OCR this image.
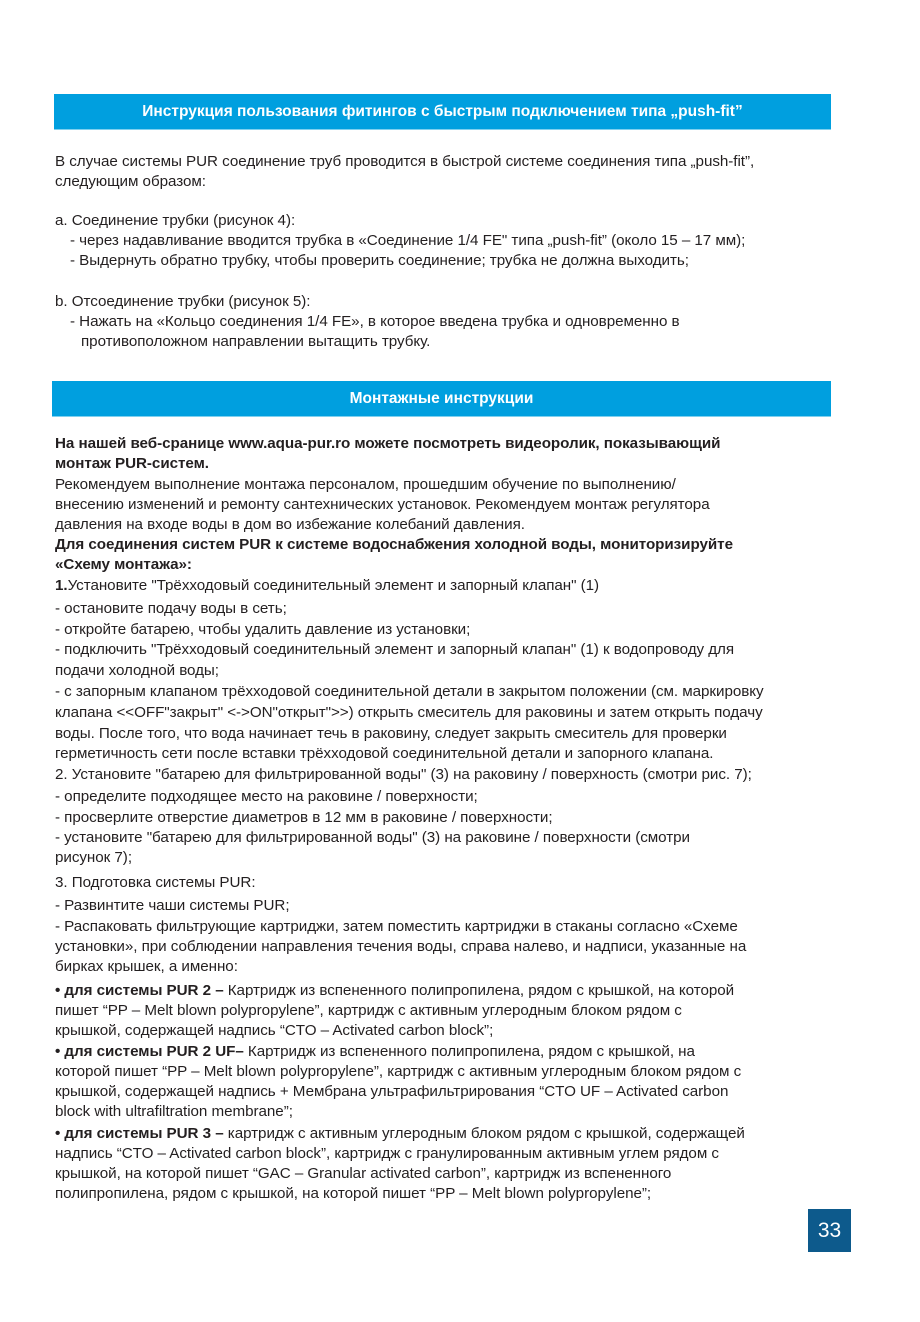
Инструкция пользования фитингов с быстрым подключением типа „push-fit”
В случае системы PUR соединение труб проводится в быстрой системе соединения типа „push-fit”,
следующим образом:
a. Соединение трубки (рисунок 4):
- через надавливание вводится трубка в «Соединение 1/4 FE" типа „push-fit” (около 15 – 17 мм);
- Выдернуть обратно трубку, чтобы проверить соединение; трубка не должна выходить;
b. Отсоединение трубки (рисунок 5):
- Нажать на «Кольцо соединения 1/4 FE», в которое введена трубка и одновременно в
противоположном направлении вытащить трубку.
Монтажные инструкции
На нашей веб-сранице www.aqua-pur.ro можете посмотреть видеоролик, показывающий
монтаж PUR-систем.
Рекомендуем выполнение монтажа персоналом, прошедшим обучение по выполнению/
внесению изменений и ремонту сантехнических установок. Рекомендуем монтаж регулятора
давления на входе воды в дом во избежание колебаний давления.
Для соединения систем PUR к системе водоснабжения холодной воды, мониторизируйте
«Схему монтажа»:
1.Установите "Трёхходовый соединительный элемент и запорный клапан" (1)
- остановите подачу воды в сеть;
- откройте батарею, чтобы удалить давление из установки;
- подключить "Трёхходовый соединительный элемент и запорный клапан" (1) к водопроводу для
подачи холодной воды;
- с запорным клапаном трёхходовой соединительной детали в закрытом положении (см. маркировку
клапана <<OFF"закрыт" <->ON"открыт">>) открыть смеситель для раковины и затем открыть подачу
воды. После того, что вода начинает течь в раковину, следует закрыть смеситель для проверки
герметичность сети после вставки трёхходовой соединительной детали и запорного клапана.
2. Установите "батарею для фильтрированной воды" (3) на раковину / поверхность (смотри рис. 7);
- определите подходящее место на раковине / поверхности;
- просверлите отверстие диаметров в 12 мм в раковине / поверхности;
- установите "батарею для фильтрированной воды" (3) на раковине / поверхности (смотри
рисунок 7);
3. Подготовка системы PUR:
- Развинтите чаши системы PUR;
- Распаковать фильтрующие картриджи, затем поместить картриджи в стаканы согласно «Схеме
установки», при соблюдении направления течения воды, справа налево, и надписи, указанные на
бирках крышек, а именно:
• для системы PUR 2 – Картридж из вспененного полипропилена, рядом с крышкой, на которой
пишет “PP – Melt blown polypropylene”, картридж с активным углеродным блоком рядом с
крышкой, содержащей надпись “CTO – Activated carbon block”;
• для системы PUR 2 UF– Картридж из вспененного полипропилена, рядом с крышкой, на
которой пишет “PP – Melt blown polypropylene”, картридж с активным углеродным блоком рядом с
крышкой, содержащей надпись + Мембрана ультрафильтрирования “CTO UF – Activated carbon
block with ultrafiltration membrane”;
• для системы PUR 3 – картридж с активным углеродным блоком рядом с крышкой, содержащей
надпись “CTO – Activated carbon block”, картридж с гранулированным активным углем рядом с
крышкой, на которой пишет “GAC – Granular activated carbon”, картридж из вспененного
полипропилена, рядом с крышкой, на которой пишет “PP – Melt blown polypropylene”;
33
